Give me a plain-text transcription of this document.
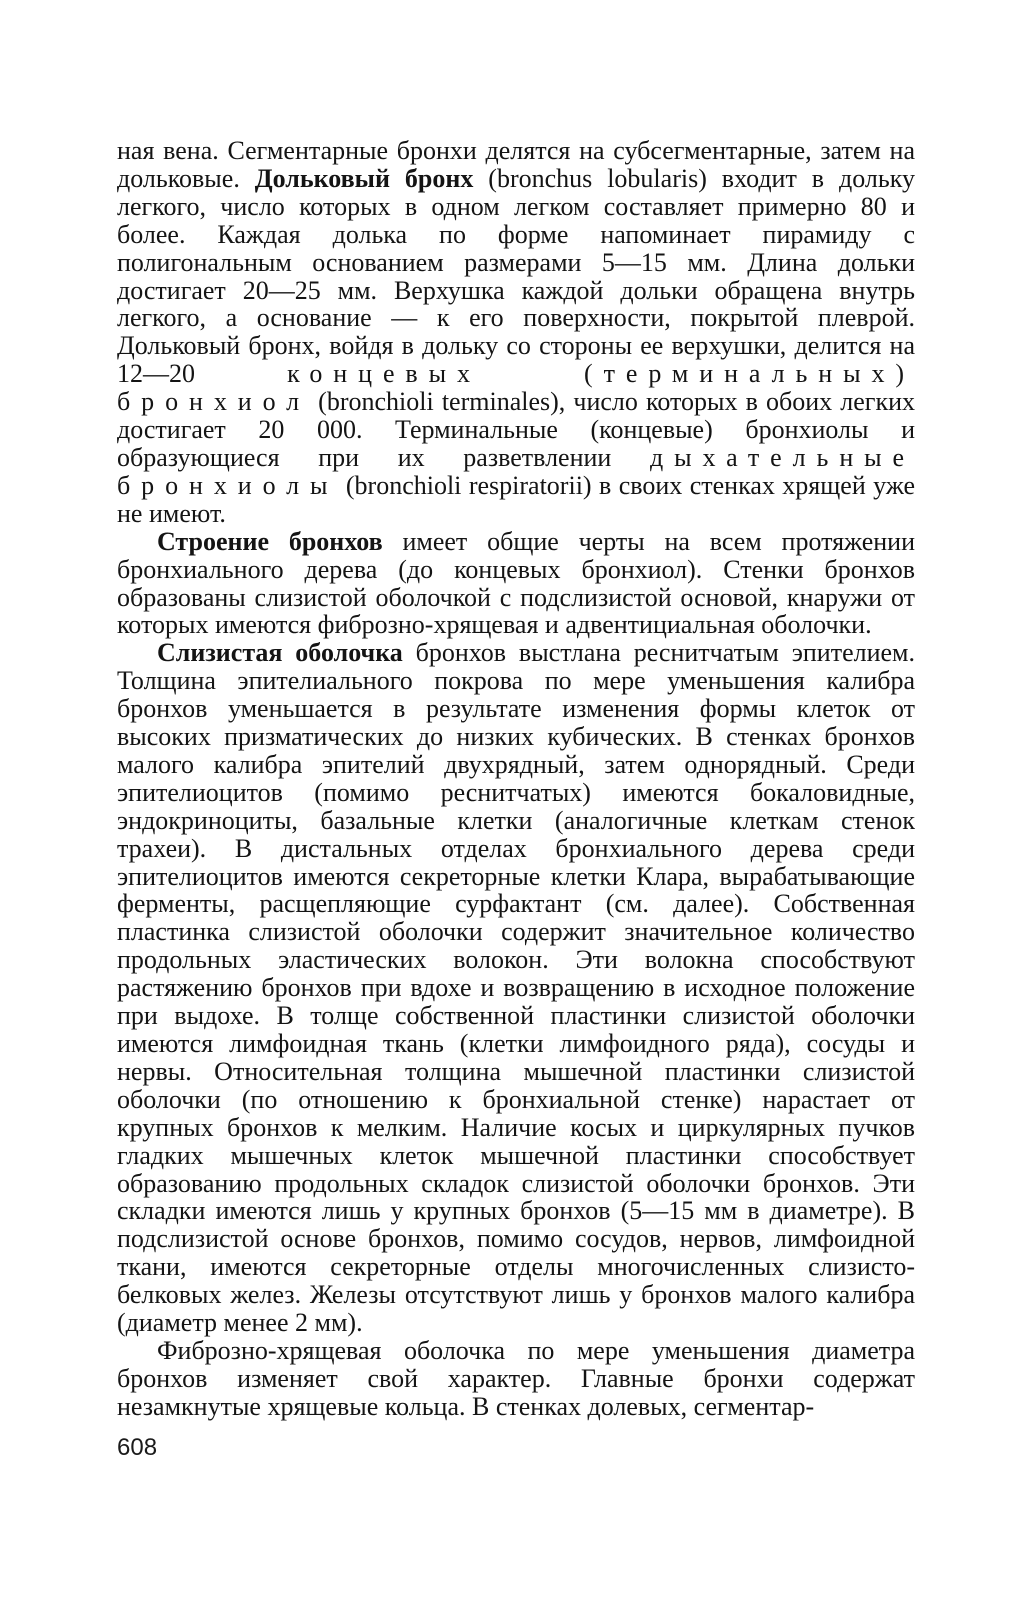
ная вена. Сегментарные бронхи делятся на субсегментарные, затем на дольковые. Дольковый бронх (bronchus lobularis) входит в дольку легкого, число которых в одном легком составляет примерно 80 и более. Каждая долька по форме напоминает пирамиду с полигональным основанием размерами 5—15 мм. Длина дольки достигает 20—25 мм. Верхушка каждой дольки обращена внутрь легкого, а основание — к его поверхности, покрытой плеврой. Дольковый бронх, войдя в дольку со стороны ее верхушки, делится на 12—20 концевых (терминальных) бронхиол (bronchioli terminales), число которых в обоих легких достигает 20 000. Терминальные (концевые) бронхиолы и образующиеся при их разветвлении дыхательные бронхиолы (bronchioli respiratorii) в своих стенках хрящей уже не имеют.

Строение бронхов имеет общие черты на всем протяжении бронхиального дерева (до концевых бронхиол). Стенки бронхов образованы слизистой оболочкой с подслизистой основой, кнаружи от которых имеются фиброзно-хрящевая и адвентициальная оболочки.

Слизистая оболочка бронхов выстлана реснитчатым эпителием. Толщина эпителиального покрова по мере уменьшения калибра бронхов уменьшается в результате изменения формы клеток от высоких призматических до низких кубических. В стенках бронхов малого калибра эпителий двухрядный, затем однорядный. Среди эпителиоцитов (помимо реснитчатых) имеются бокаловидные, эндокриноциты, базальные клетки (аналогичные клеткам стенок трахеи). В дистальных отделах бронхиального дерева среди эпителиоцитов имеются секреторные клетки Клара, вырабатывающие ферменты, расщепляющие сурфактант (см. далее). Собственная пластинка слизистой оболочки содержит значительное количество продольных эластических волокон. Эти волокна способствуют растяжению бронхов при вдохе и возвращению в исходное положение при выдохе. В толще собственной пластинки слизистой оболочки имеются лимфоидная ткань (клетки лимфоидного ряда), сосуды и нервы. Относительная толщина мышечной пластинки слизистой оболочки (по отношению к бронхиальной стенке) нарастает от крупных бронхов к мелким. Наличие косых и циркулярных пучков гладких мышечных клеток мышечной пластинки способствует образованию продольных складок слизистой оболочки бронхов. Эти складки имеются лишь у крупных бронхов (5—15 мм в диаметре). В подслизистой основе бронхов, помимо сосудов, нервов, лимфоидной ткани, имеются секреторные отделы многочисленных слизисто-белковых желез. Железы отсутствуют лишь у бронхов малого калибра (диаметр менее 2 мм).

Фиброзно-хрящевая оболочка по мере уменьшения диаметра бронхов изменяет свой характер. Главные бронхи содержат незамкнутые хрящевые кольца. В стенках долевых, сегментар-

608
